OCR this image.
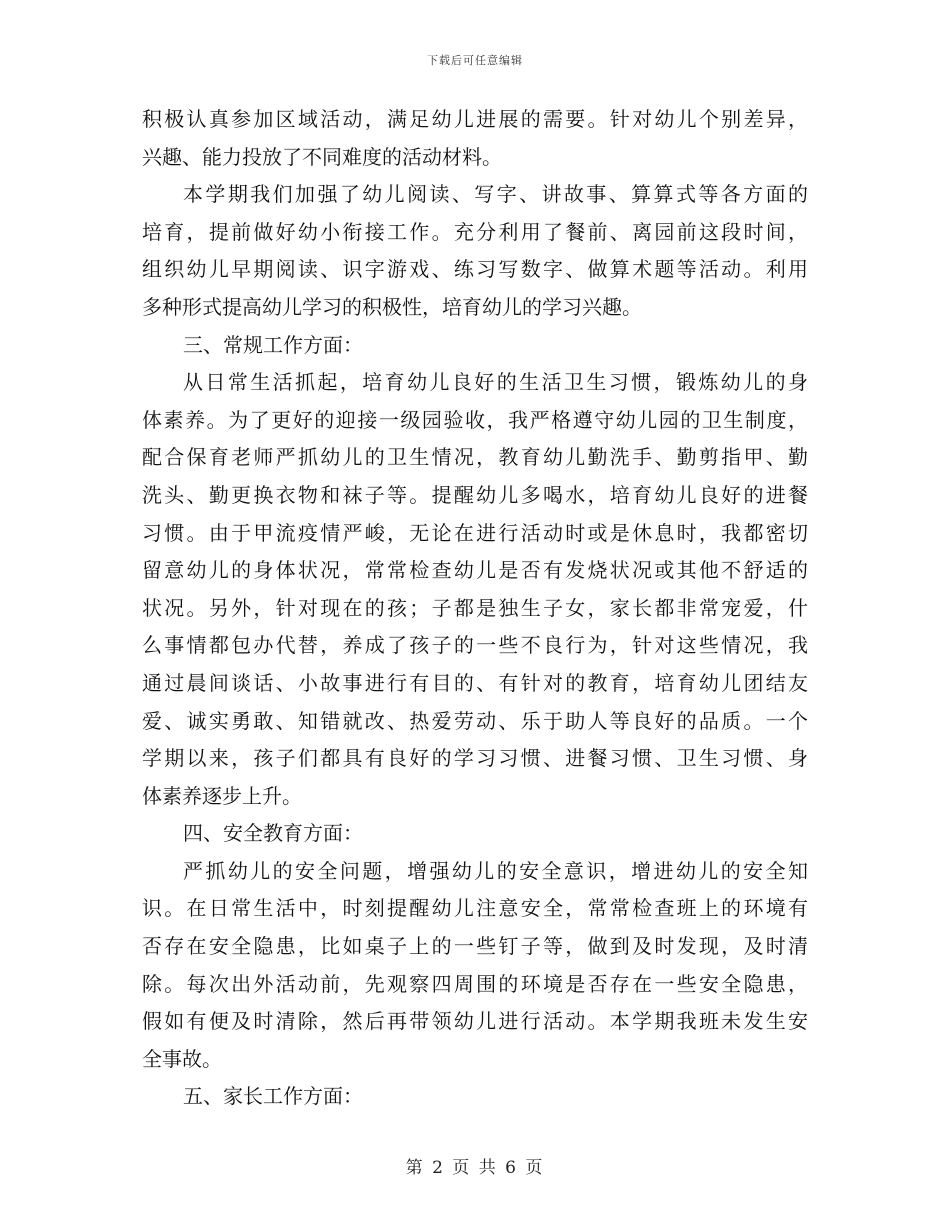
下载后可任意编辑
积极认真参加区域活动，满足幼儿进展的需要。针对幼儿个别差异，
兴趣、能力投放了不同难度的活动材料。
本学期我们加强了幼儿阅读、写字、讲故事、算算式等各方面的
培育，提前做好幼小衔接工作。充分利用了餐前、离园前这段时间，
组织幼儿早期阅读、识字游戏、练习写数字、做算术题等活动。利用
多种形式提高幼儿学习的积极性，培育幼儿的学习兴趣。
三、常规工作方面：
从日常生活抓起，培育幼儿良好的生活卫生习惯，锻炼幼儿的身
体素养。为了更好的迎接一级园验收，我严格遵守幼儿园的卫生制度，
配合保育老师严抓幼儿的卫生情况，教育幼儿勤洗手、勤剪指甲、勤
洗头、勤更换衣物和袜子等。提醒幼儿多喝水，培育幼儿良好的进餐
习惯。由于甲流疫情严峻，无论在进行活动时或是休息时，我都密切
留意幼儿的身体状况，常常检查幼儿是否有发烧状况或其他不舒适的
状况。另外，针对现在的孩；子都是独生子女，家长都非常宠爱，什
么事情都包办代替，养成了孩子的一些不良行为，针对这些情况，我
通过晨间谈话、小故事进行有目的、有针对的教育，培育幼儿团结友
爱、诚实勇敢、知错就改、热爱劳动、乐于助人等良好的品质。一个
学期以来，孩子们都具有良好的学习习惯、进餐习惯、卫生习惯、身
体素养逐步上升。
四、安全教育方面：
严抓幼儿的安全问题，增强幼儿的安全意识，增进幼儿的安全知
识。在日常生活中，时刻提醒幼儿注意安全，常常检查班上的环境有
否存在安全隐患，比如桌子上的一些钉子等，做到及时发现，及时清
除。每次出外活动前，先观察四周围的环境是否存在一些安全隐患，
假如有便及时清除，然后再带领幼儿进行活动。本学期我班未发生安
全事故。
五、家长工作方面：
第 2 页 共 6 页
